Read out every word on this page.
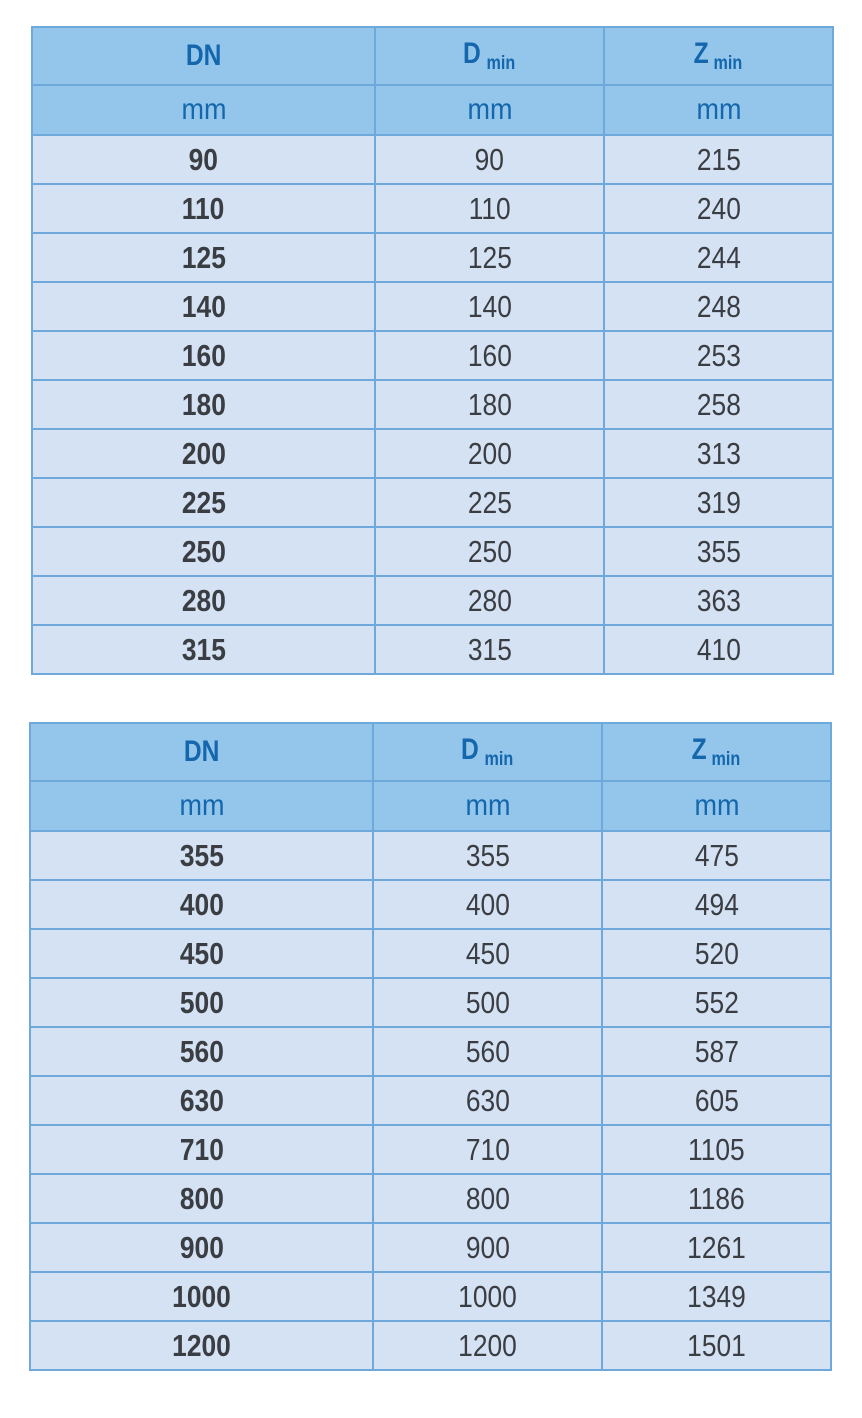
DN	D $_{min}$	Z $_{min}$
mm	mm	mm
90	90	215
110	110	240
125	125	244
140	140	248
160	160	253
180	180	258
200	200	313
225	225	319
250	250	355
280	280	363
315	315	410
DN	D $_{min}$	Z $_{min}$
mm	mm	mm
355	355	475
400	400	494
450	450	520
500	500	552
560	560	587
630	630	605
710	710	1105
800	800	1186
900	900	1261
1000	1000	1349
1200	1200	1501
